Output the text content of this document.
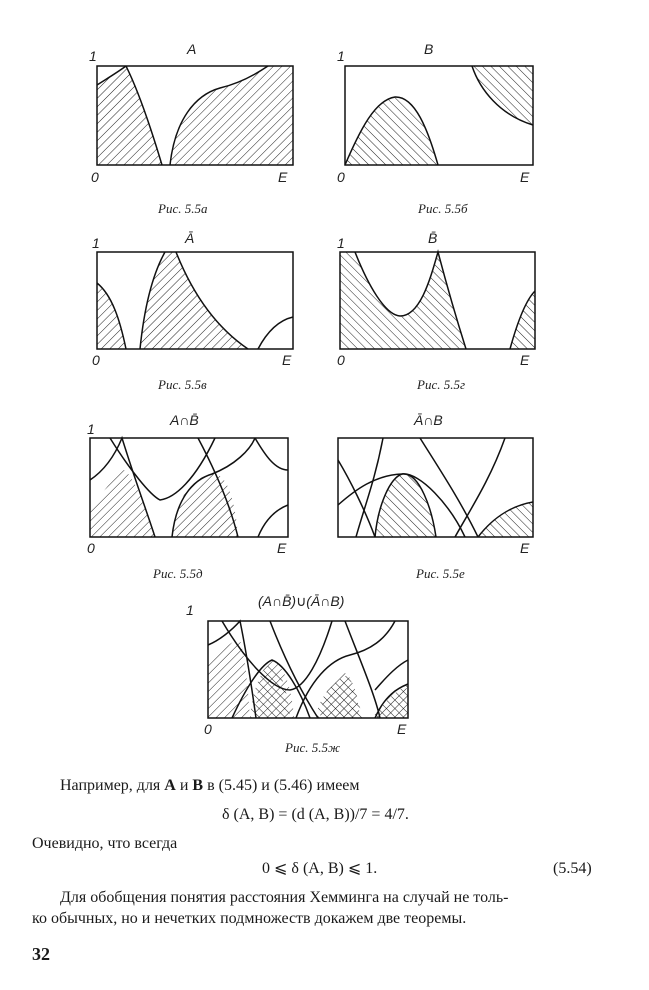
1
0	E
A
Рис. 5.5а
1
0	E
B
Рис. 5.5б
1
0	E
Ā
Рис. 5.5в
1
0	E
B̄
Рис. 5.5г
1
0	E
A∩B̄
Рис. 5.5д
E
Ā∩B
Рис. 5.5е
1
0	E
(A∩B̄)∪(Ā∩B)
Рис. 5.5ж
Например, для A и B в (5.45) и (5.46) имеем
δ (A, B) = (d (A, B))/7 = 4/7.
Очевидно, что всегда
0 ⩽ δ (A, B) ⩽ 1.	(5.54)
Для обобщения понятия расстояния Хемминга на случай не толь-
ко обычных, но и нечетких подмножеств докажем две теоремы.
32
